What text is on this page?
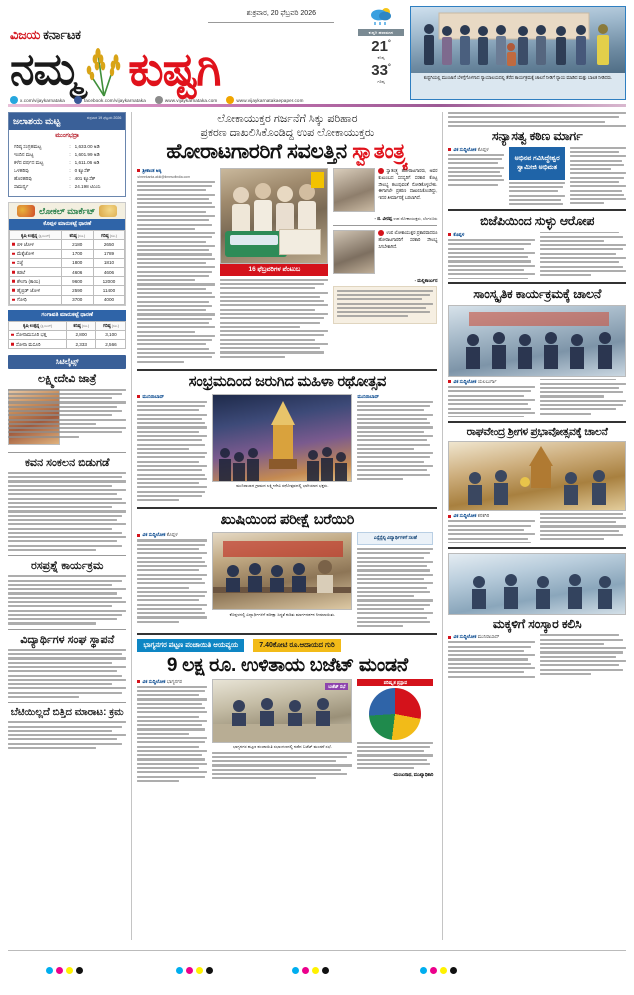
ವಿಜಯ ಕರ್ನಾಟಕ
ನಮ್ಮ ಕುಷ್ಟಗಿ
x.com/vijaykarnataka	facebook.com/vijaykarnataka	www.vijaykarnataka.com	www.vijaykarnatakaepaper.com
ಶುಕ್ರವಾರ, 20 ಫೆಬ್ರವರಿ 2026
ಕುಷ್ಟಗಿ ಹವಾಮಾನ
21°
ಕನಿಷ್ಠ
33°
ಗರಿಷ್ಠ
ಕುಷ್ಟಗಿಯಲ್ಲಿ ಮುಂಜಾನೆ ಬೆಳಿಗ್ಗೆಗೊಳಗಾದ ನ್ಯಾಯಾಲಯದಲ್ಲಿ ತೆರೆದ ಕಾರ್ಯಕ್ರಮಕ್ಕೆ ಚಾಲನೆ ನೀಡಿಗೆ ನ್ಯಾಯ ಮಾಡಿದ ಮತ್ತು ಬಾಲಕ ನೀಡಿದರು.
ಜಲಾಶಯ ಮಟ್ಟ	ಶುಕ್ರವಾರ 19 ಫೆಬ್ರವರಿ 2026
ಮುಂಗಭದ್ರಾ
ಗರಿಷ್ಠ ಸಂಗ್ರಹಮಟ್ಟ	: 1,633.00 ಅಡಿ
ಇಂದಿನ ಮಟ್ಟ	: 1,601.99 ಅಡಿ
ಕಳೆದ ವರ್ಷದ ಮಟ್ಟ	: 1,611.06 ಅಡಿ
ಒಳಹರಿವು	: 0 ಕ್ಯೂಸೆಕ್
ಹೊರಹರಿವು	: 401 ಕ್ಯೂಸೆಕ್
ಸಾಮರ್ಥ್ಯ	: 24.198 ಟಿಎಂಸಿ
ಲೋಕಲ್ ಮಾರ್ಕೆಟ್
ಕೊಪ್ಪಳ ಮಾರುಕಟ್ಟೆ ಧಾರಣೆ
ಕೃಷಿ ಉತ್ಪನ್ನ (ಕ್ವಿಂಟಲ್)	ಕನಿಷ್ಠ (ರೂ.)	ಗರಿಷ್ಠ (ರೂ.)
ಬಿಳಿ ಜೋಳ	2180	2650
ಮೆಕ್ಕೆಜೋಳ	1700	1789
ಸಜ್ಜೆ	1800	1810
ಕಡಲೆ	4606	4606
ಶೇಂಗಾ (ಕಾಯಿ)	9600	12000
ಹೈಬ್ರಿಡ್ ಜೋಳ	2590	11400
ಗೋಧಿ	3700	4000
ಗಂಗಾವತಿ ಮಾರುಕಟ್ಟೆ ಧಾರಣೆ
ಕೃಷಿ ಉತ್ಪನ್ನ (ಕ್ವಿಂಟಲ್)	ಕನಿಷ್ಠ (ರೂ.)	ಗರಿಷ್ಠ (ರೂ.)
ಸೋನಾಮಸೂರಿ ಭತ್ತ	2,800	3,100
ಸೋನಾ ಮಸೂರಿ	2,333	2,566
ಸಿಟಿಲೈಟ್ಸ್
ಲಕ್ಷ್ಮೀದೇವಿ ಜಾತ್ರೆ
ಕವನ ಸಂಕಲನ ಬಿಡುಗಡೆ
ರಸಪ್ರಶ್ನೆ ಕಾರ್ಯಕ್ರಮ
ವಿದ್ಯಾರ್ಥಿಗಳ ಸಂಘ ಸ್ಥಾಪನೆ
ಬೆಟಿಯಿಲ್ಲದೆ ಬಿತ್ತಿದ ಮಾರಾಟ: ಕ್ರಮ
ಲೋಕಾಯುಕ್ತರ ಗರ್ಜನೆಗೆ ಸಿಕ್ಕು ಪರಿಹಾರ
ಪ್ರಕರಣ ದಾಖಲಿಸಿಕೊಂಡಿದ್ದ ಉಪ ಲೋಕಾಯುಕ್ತರು
ಹೋರಾಟಗಾರರಿಗೆ ಸವಲತ್ತಿನ ಸ್ವಾತಂತ್ರ್ಯ
ಶ್ರೀಕಾಂತ ಅಕ್ಕಿ
shreekanta.akki@timesofindia.com
16 ಫೆಬ್ರವರಿಗಳ ಪೆಂಟುಬ
ಸ್ವಾತಂತ್ರ್ಯ ಹೋರಾಟಗಾರರು, ಅವರ ಕುಟುಂಬದ ಸದಸ್ಯರಿಗೆ ಸರಕಾರ ಕೊಟ್ಟ ಸೌಲಭ್ಯ ತಲುಪುವಂತೆ ನೋಡಿಕೊಳ್ಳಬೇಕು. ಈಗಾಗಲೇ ಪ್ರಕರಣ ದಾಖಲಿಸಿಕೊಂಡಿದ್ದು, ಇದರ ತೀರ್ಮಾನಕ್ಕೆ ಬರಲಾಗಿದೆ.
- ಬಿ. ವೀರಪ್ಪ ಉಪ ಲೋಕಾಯುಕ್ತರು, ಬೆಂಗಳೂರು
ಉಪ ಲೋಕಾಯುಕ್ತರ ಪ್ರಕಾರವಾದರೂ ಹೋರಾಟಗಾರರಿಗೆ ಸರಕಾರಿ ಸೌಲಭ್ಯ ಸಿಗಬೇಕಾಗಿದೆ.
- ಮಲ್ಲಿಕಾರ್ಜುನ
ಸಂಭ್ರಮದಿಂದ ಜರುಗಿದ ಮಹಿಳಾ ರಥೋತ್ಸವ
ಮುನಿರಾಬಾದ್
ಮುನಿರಾಬಾದ ಗ್ರಾಮದ ಲಕ್ಷ್ಮೀದೇವಿ ರಥೋತ್ಸವದಲ್ಲಿ ಭಾಗಿಯಾದ ಭಕ್ತರು.
ಮುನಿರಾಬಾದ್
ಖುಷಿಯಿಂದ ಪರೀಕ್ಷೆ ಬರೆಯಿರಿ
ವಿಕ ಸುದ್ದಿಲೋಕ ಕೊಪ್ಪಳ
ಕೊಪ್ಪಳದಲ್ಲಿ ವಿದ್ಯಾರ್ಥಿಗಳಿಗೆ ಪರೀಕ್ಷಾ ಸಿದ್ಧತೆ ಕುರಿತು ಮಾರ್ಗದರ್ಶನ ನೀಡಲಾಯಿತು.
ಎಸ್ಸೆಸ್ಸೆಲ್ಸಿ ವಿದ್ಯಾರ್ಥಿಗಳಿಗೆ ಸಲಹೆ
ಭಾಗ್ಯನಗರ ಪಟ್ಟಣ ಪಂಚಾಯಿತಿ ಆಯವ್ಯಯ	7.40ಕೋಟಿ ರೂ.ಆದಾಯದ ಗುರಿ
9 ಲಕ್ಷ ರೂ. ಉಳಿತಾಯ ಬಜೆಟ್ ಮಂಡನೆ
ವಿಕ ಸುದ್ದಿಲೋಕ ಭಾಗ್ಯನಗರ
ಬಜೆಟ್ ಸಭೆ
ಭಾಗ್ಯನಗರ ಪಟ್ಟಣ ಪಂಚಾಯಿತಿ ಸಭಾಂಗಣದಲ್ಲಿ ನಡೆದ ಬಜೆಟ್ ಮಂಡನೆ ಸಭೆ.
ಪರಿಷ್ಕೃತ ಪ್ರಸ್ತಾವ
-ಮಂಜುನಾಥ, ಮುಖ್ಯಾಧಿಕಾರಿ
ಸನ್ಯಾಸತ್ವ ಕಠಿಣ ಮಾರ್ಗ
ವಿಕ ಸುದ್ದಿಲೋಕ ಕೊಪ್ಪಳ
ಅಭಿನವ ಗವಿಸಿದ್ಧೇಶ್ವರ ಸ್ವಾಮೀಜಿ ಅಭಿಮತ
ಬಿಜೆಪಿಯಿಂದ ಸುಳ್ಳು ಆರೋಪ
ಕೊಪ್ಪಳ
ಸಾಂಸ್ಕೃತಿಕ ಕಾರ್ಯಕ್ರಮಕ್ಕೆ ಚಾಲನೆ
ವಿಕ ಸುದ್ದಿಲೋಕ ಯಲಬುರ್ಗಾ
ರಾಘವೇಂದ್ರ ಶ್ರೀಗಳ ಪ್ರಭಾವೋತ್ಸವಕ್ಕೆ ಚಾಲನೆ
ವಿಕ ಸುದ್ದಿಲೋಕ ಕನಕಗಿರಿ
ಮಕ್ಕಳಿಗೆ ಸಂಸ್ಕಾರ ಕಲಿಸಿ
ವಿಕ ಸುದ್ದಿಲೋಕ ಮುನಿರಾಬಾದ್
